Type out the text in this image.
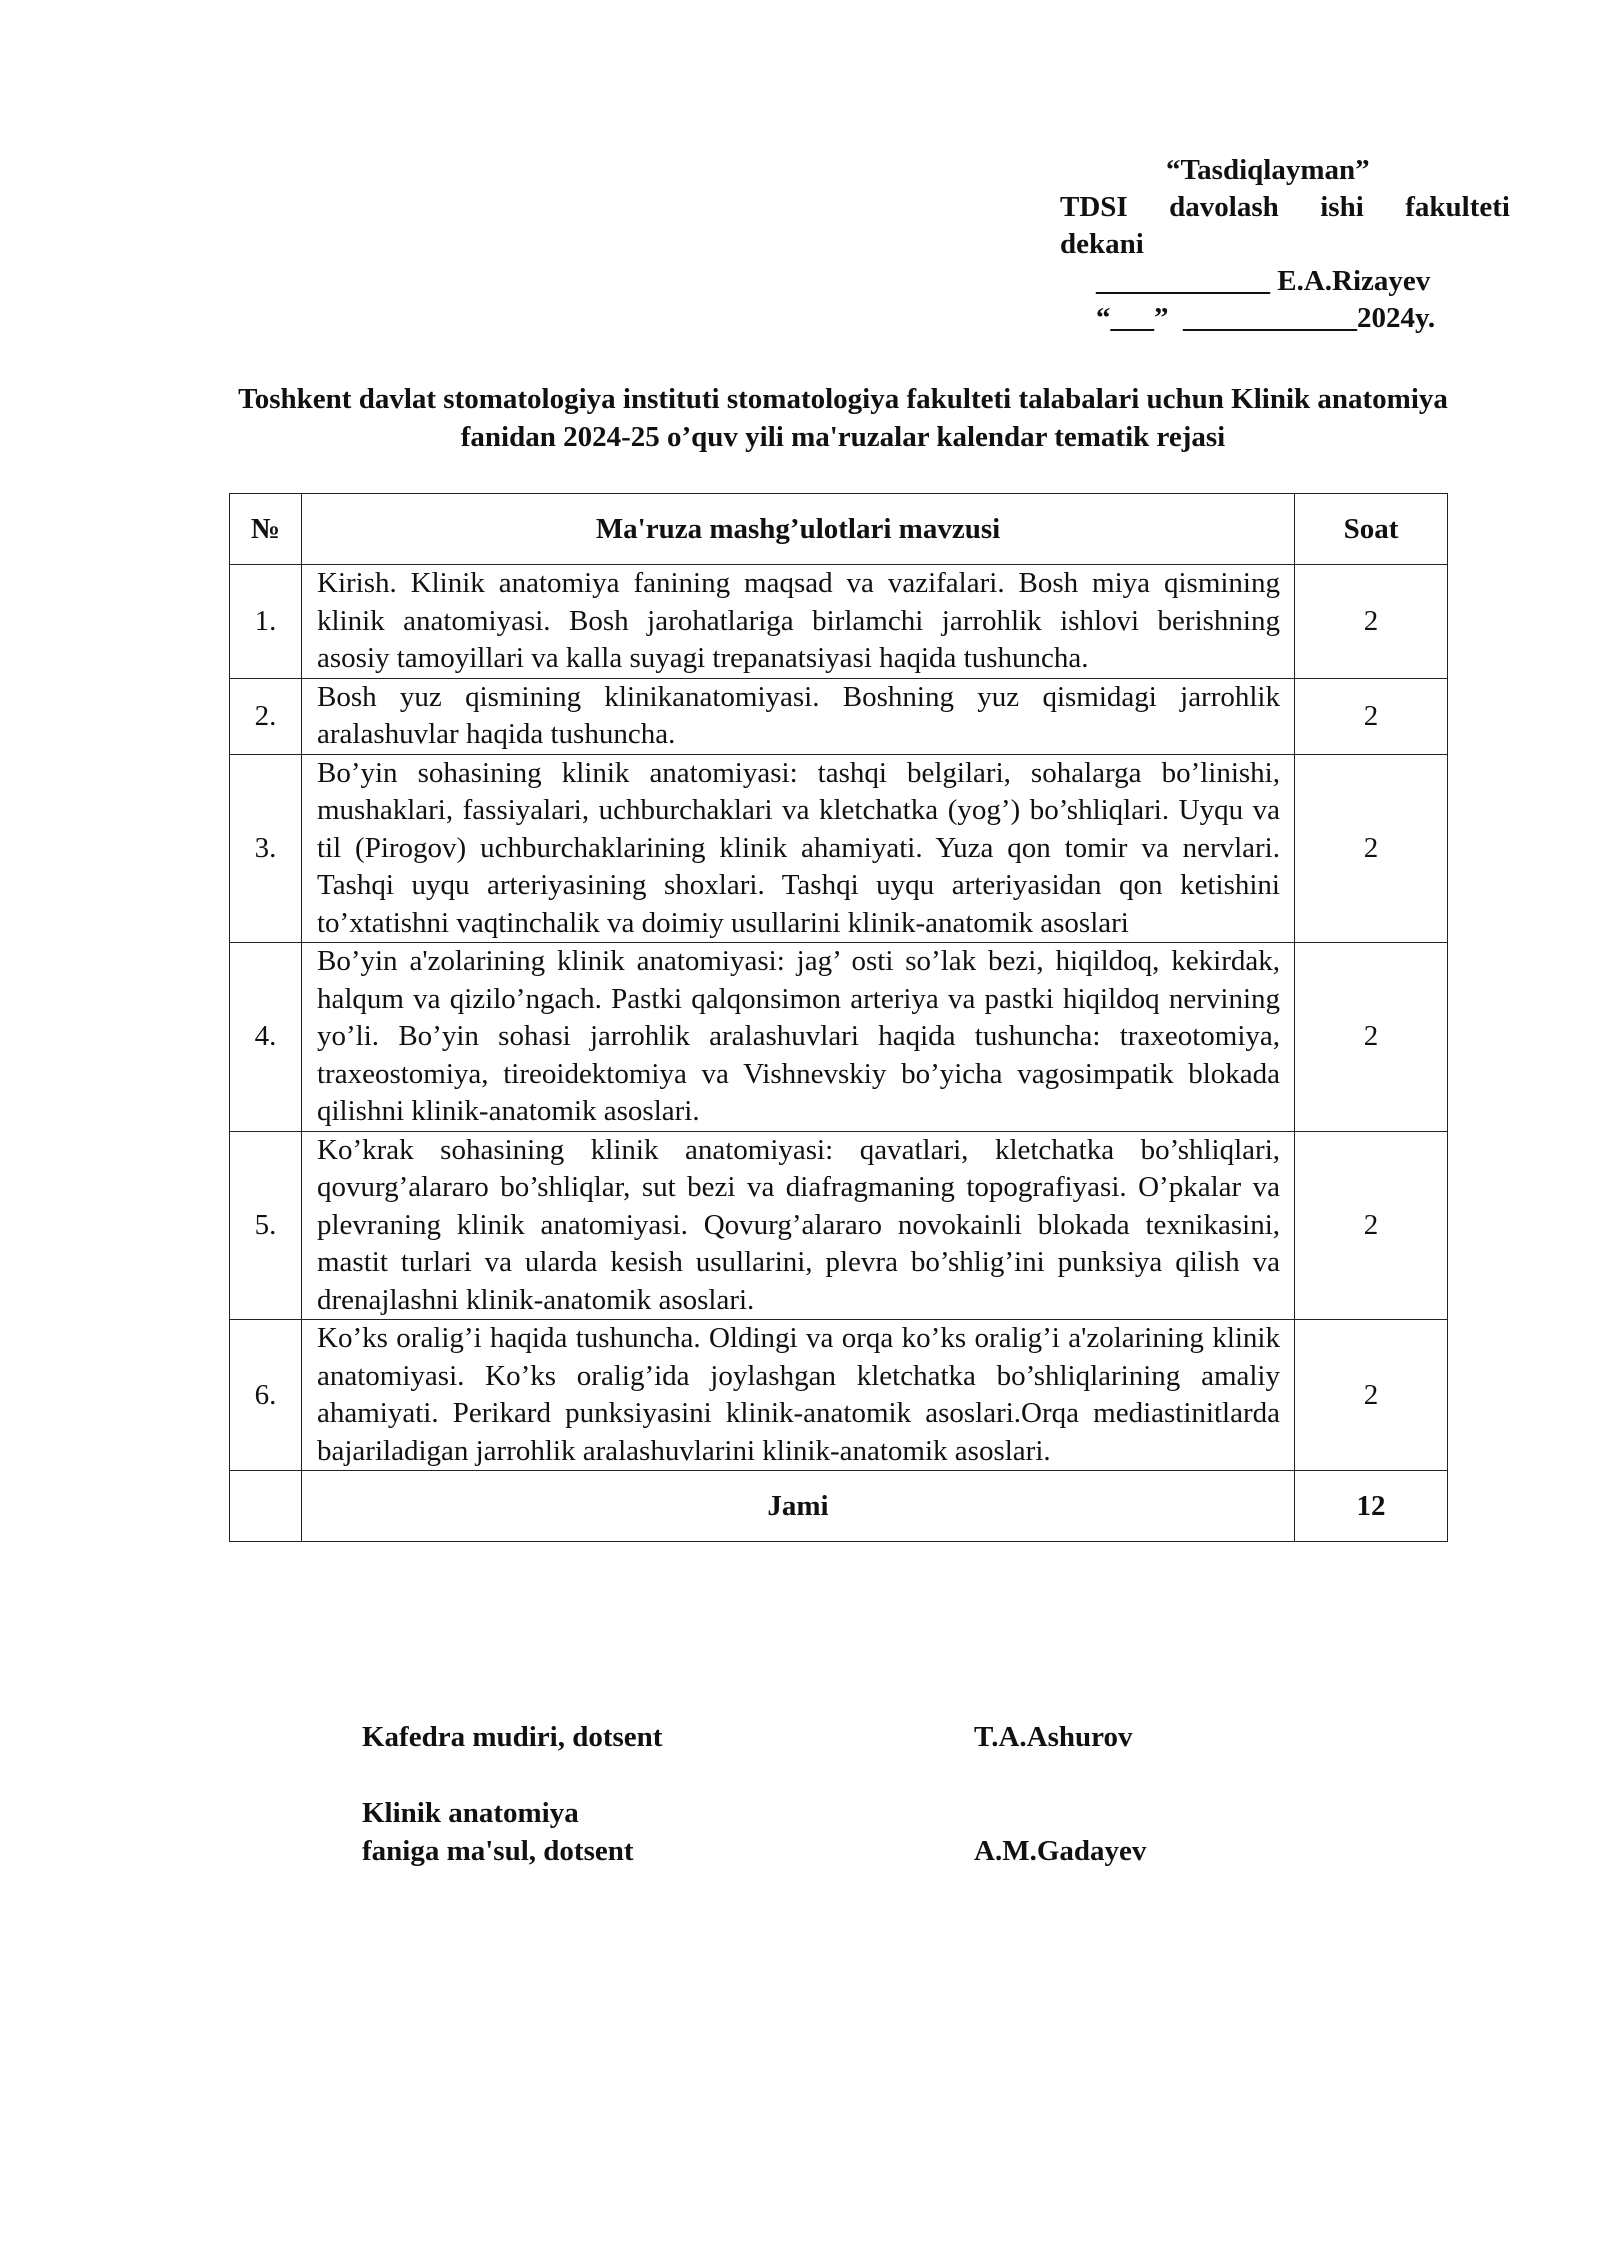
“Tasdiqlayman”
TDSI davolash ishi fakulteti
dekani
____________ E.A.Rizayev
“___”  ____________2024y.
Toshkent davlat stomatologiya instituti stomatologiya fakulteti talabalari uchun Klinik anatomiya fanidan 2024-25 o’quv yili ma'ruzalar kalendar tematik rejasi
№	Ma'ruza mashg’ulotlari mavzusi	Soat
1.	Kirish. Klinik anatomiya fanining maqsad va vazifalari. Bosh miya qismining klinik anatomiyasi. Bosh jarohatlariga birlamchi jarrohlik ishlovi berishning asosiy tamoyillari va kalla suyagi trepanatsiyasi haqida tushuncha.	2
2.	Bosh yuz qismining klinikanatomiyasi. Boshning yuz qismidagi jarrohlik aralashuvlar haqida tushuncha.	2
3.	Bo’yin sohasining klinik anatomiyasi: tashqi belgilari, sohalarga bo’linishi, mushaklari, fassiyalari, uchburchaklari va kletchatka (yog’) bo’shliqlari. Uyqu va til (Pirogov) uchburchaklarining klinik ahamiyati. Yuza qon tomir va nervlari. Tashqi uyqu arteriyasining shoxlari. Tashqi uyqu arteriyasidan qon ketishini to’xtatishni vaqtinchalik va doimiy usullarini klinik-anatomik asoslari	2
4.	Bo’yin a'zolarining klinik anatomiyasi: jag’ osti so’lak bezi, hiqildoq, kekirdak, halqum va qizilo’ngach. Pastki qalqonsimon arteriya va pastki hiqildoq nervining yo’li. Bo’yin sohasi jarrohlik aralashuvlari haqida tushuncha: traxeotomiya, traxeostomiya, tireoidektomiya va Vishnevskiy bo’yicha vagosimpatik blokada qilishni klinik-anatomik asoslari.	2
5.	Ko’krak sohasining klinik anatomiyasi: qavatlari, kletchatka bo’shliqlari, qovurg’alararo bo’shliqlar, sut bezi va diafragmaning topografiyasi. O’pkalar va plevraning klinik anatomiyasi. Qovurg’alararo novokainli blokada texnikasini, mastit turlari va ularda kesish usullarini, plevra bo’shlig’ini punksiya qilish va drenajlashni klinik-anatomik asoslari.	2
6.	Ko’ks oralig’i haqida tushuncha. Oldingi va orqa ko’ks oralig’i a'zolarining klinik anatomiyasi. Ko’ks oralig’ida joylashgan kletchatka bo’shliqlarining amaliy ahamiyati. Perikard punksiyasini klinik-anatomik asoslari.Orqa mediastinitlarda bajariladigan jarrohlik aralashuvlarini klinik-anatomik asoslari.	2
	Jami	12
Kafedra mudiri, dotsent	T.A.Ashurov
Klinik anatomiya
faniga ma'sul, dotsent	A.M.Gadayev
